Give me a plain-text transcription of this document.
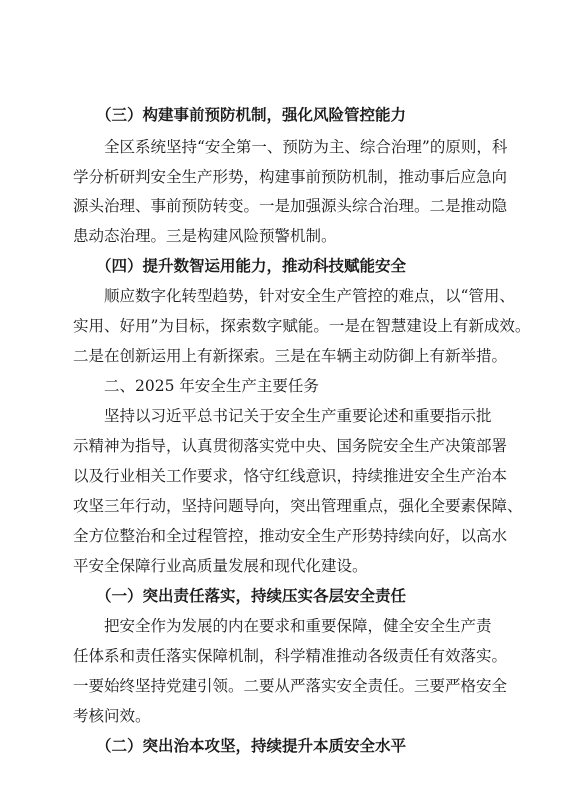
（三）构建事前预防机制，强化风险管控能力

全区系统坚持“安全第一、预防为主、综合治理”的原则，科

学分析研判安全生产形势，构建事前预防机制，推动事后应急向

源头治理、事前预防转变。一是加强源头综合治理。二是推动隐

患动态治理。三是构建风险预警机制。

（四）提升数智运用能力，推动科技赋能安全

顺应数字化转型趋势，针对安全生产管控的难点，以“管用、

实用、好用”为目标，探索数字赋能。一是在智慧建设上有新成效。

二是在创新运用上有新探索。三是在车辆主动防御上有新举措。

二、2025 年安全生产主要任务

坚持以习近平总书记关于安全生产重要论述和重要指示批

示精神为指导，认真贯彻落实党中央、国务院安全生产决策部署

以及行业相关工作要求，恪守红线意识，持续推进安全生产治本

攻坚三年行动，坚持问题导向，突出管理重点，强化全要素保障、

全方位整治和全过程管控，推动安全生产形势持续向好，以高水

平安全保障行业高质量发展和现代化建设。

（一）突出责任落实，持续压实各层安全责任

把安全作为发展的内在要求和重要保障，健全安全生产责

任体系和责任落实保障机制，科学精准推动各级责任有效落实。

一要始终坚持党建引领。二要从严落实安全责任。三要严格安全

考核问效。

（二）突出治本攻坚，持续提升本质安全水平
